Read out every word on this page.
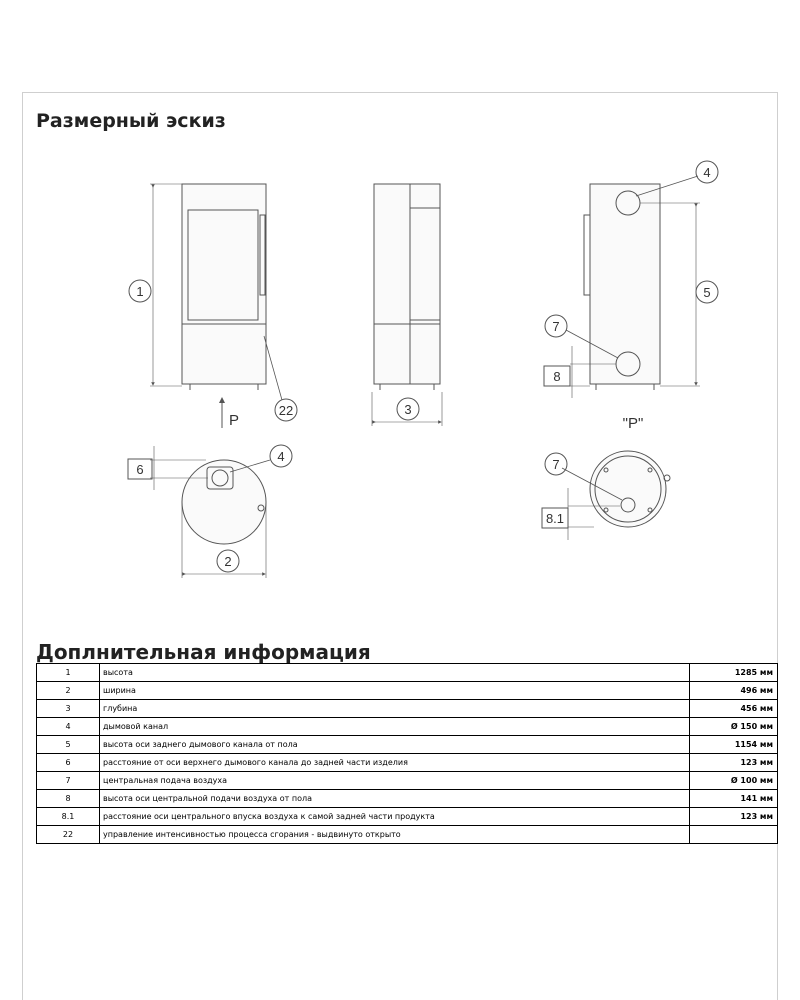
Размерный эскиз
1
22
P
3
4
5
7
8
"P"
6
4
2
7
8.1
Доплнительная информация
1	высота	1285 мм
2	ширина	496 мм
3	глубина	456 мм
4	дымовой канал	Ø 150 мм
5	высота оси заднего дымового канала от пола	1154 мм
6	расстояние от оси верхнего дымового канала до задней части изделия	123 мм
7	центральная подача воздуха	Ø 100 мм
8	высота оси центральной подачи воздуха от пола	141 мм
8.1	расстояние оси центрального впуска воздуха к самой задней части продукта	123 мм
22	управление интенсивностью процесса сгорания - выдвинуто открыто	
